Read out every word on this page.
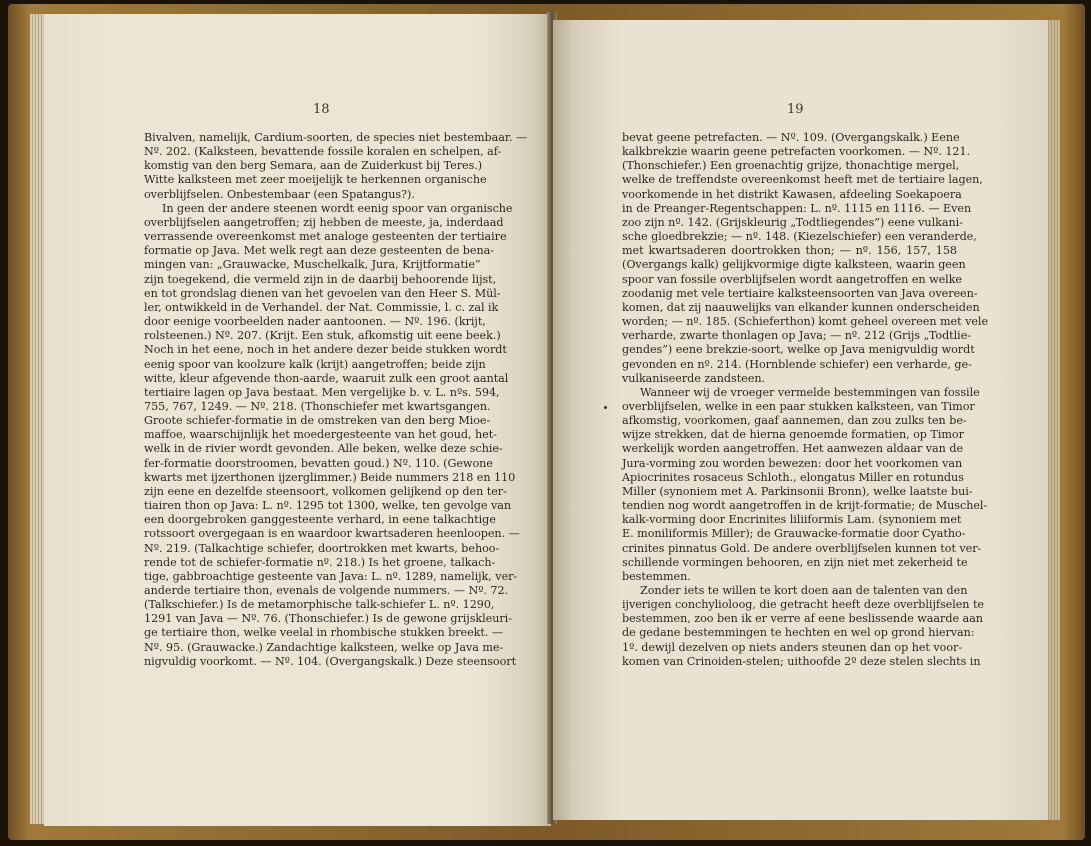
18
Bivalven, namelijk, Cardium-soorten, de species niet bestembaar. —
Nº. 202. (Kalksteen, bevattende fossile koralen en schelpen, af-
komstig van den berg Semara, aan de Zuiderkust bij Teres.)
Witte kalksteen met zeer moeijelijk te herkennen organische
overblijfselen. Onbestembaar (een Spatangus?).
In geen der andere steenen wordt eenig spoor van organische
overblijfselen aangetroffen; zij hebben de meeste, ja, inderdaad
verrassende overeenkomst met analoge gesteenten der tertiaire
formatie op Java. Met welk regt aan deze gesteenten de bena-
mingen van: „Grauwacke, Muschelkalk, Jura, Krijtformatie”
zijn toegekend, die vermeld zijn in de daarbij behoorende lijst,
en tot grondslag dienen van het gevoelen van den Heer S. Mül-
ler, ontwikkeld in de Verhandel. der Nat. Commissie, l. c. zal ik
door eenige voorbeelden nader aantoonen. — Nº. 196. (krijt,
rolsteenen.) Nº. 207. (Krijt. Een stuk, afkomstig uit eene beek.)
Noch in het eene, noch in het andere dezer beide stukken wordt
eenig spoor van koolzure kalk (krijt) aangetroffen; beide zijn
witte, kleur afgevende thon-aarde, waaruit zulk een groot aantal
tertiaire lagen op Java bestaat. Men vergelijke b. v. L. nºs. 594,
755, 767, 1249. — Nº. 218. (Thonschiefer met kwartsgangen.
Groote schiefer-formatie in de omstreken van den berg Mioe-
maffoe, waarschijnlijk het moedergesteente van het goud, het-
welk in de rivier wordt gevonden. Alle beken, welke deze schie-
fer-formatie doorstroomen, bevatten goud.) Nº. 110. (Gewone
kwarts met ijzerthonen ijzerglimmer.) Beide nummers 218 en 110
zijn eene en dezelfde steensoort, volkomen gelijkend op den ter-
tiairen thon op Java: L. nº. 1295 tot 1300, welke, ten gevolge van
een doorgebroken ganggesteente verhard, in eene talkachtige
rotssoort overgegaan is en waardoor kwartsaderen heenloopen. —
Nº. 219. (Talkachtige schiefer, doortrokken met kwarts, behoo-
rende tot de schiefer-formatie nº. 218.) Is het groene, talkach-
tige, gabbroachtige gesteente van Java: L. nº. 1289, namelijk, ver-
anderde tertiaire thon, evenals de volgende nummers. — Nº. 72.
(Talkschiefer.) Is de metamorphische talk-schiefer L. nº. 1290,
1291 van Java — Nº. 76. (Thonschiefer.) Is de gewone grijskleuri-
ge tertiaire thon, welke veelal in rhombische stukken breekt. —
Nº. 95. (Grauwacke.) Zandachtige kalksteen, welke op Java me-
nigvuldig voorkomt. — Nº. 104. (Overgangskalk.) Deze steensoort
19
bevat geene petrefacten. — Nº. 109. (Overgangskalk.) Eene
kalkbrekzie waarin geene petrefacten voorkomen. — Nº. 121.
(Thonschiefer.) Een groenachtig grijze, thonachtige mergel,
welke de treffendste overeenkomst heeft met de tertiaire lagen,
voorkomende in het distrikt Kawasen, afdeeling Soekapoera
in de Preanger-Regentschappen: L. nº. 1115 en 1116. — Even
zoo zijn nº. 142. (Grijskleurig „Todtliegendes”) eene vulkani-
sche gloedbrekzie; — nº. 148. (Kiezelschiefer) een veranderde,
met kwartsaderen doortrokken thon; — nº. 156, 157, 158
(Overgangs kalk) gelijkvormige digte kalksteen, waarin geen
spoor van fossile overblijfselen wordt aangetroffen en welke
zoodanig met vele tertiaire kalksteensoorten van Java overeen-
komen, dat zij naauwelijks van elkander kunnen onderscheiden
worden; — nº. 185. (Schieferthon) komt geheel overeen met vele
verharde, zwarte thonlagen op Java; — nº. 212 (Grijs „Todtlie-
gendes”) eene brekzie-soort, welke op Java menigvuldig wordt
gevonden en nº. 214. (Hornblende schiefer) een verharde, ge-
vulkaniseerde zandsteen.
Wanneer wij de vroeger vermelde bestemmingen van fossile
overblijfselen, welke in een paar stukken kalksteen, van Timor
afkomstig, voorkomen, gaaf aannemen, dan zou zulks ten be-
wijze strekken, dat de hierna genoemde formatien, op Timor
werkelijk worden aangetroffen. Het aanwezen aldaar van de
Jura-vorming zou worden bewezen: door het voorkomen van
Apiocrinites rosaceus Schloth., elongatus Miller en rotundus
Miller (synoniem met A. Parkinsonii Bronn), welke laatste bui-
tendien nog wordt aangetroffen in de krijt-formatie; de Muschel-
kalk-vorming door Encrinites liliiformis Lam. (synoniem met
E. moniliformis Miller); de Grauwacke-formatie door Cyatho-
crinites pinnatus Gold. De andere overblijfselen kunnen tot ver-
schillende vormingen behooren, en zijn niet met zekerheid te
bestemmen.
Zonder iets te willen te kort doen aan de talenten van den
ijverigen conchylioloog, die getracht heeft deze overblijfselen te
bestemmen, zoo ben ik er verre af eene beslissende waarde aan
de gedane bestemmingen te hechten en wel op grond hiervan:
1º. dewijl dezelven op niets anders steunen dan op het voor-
komen van Crinoiden-stelen; uithoofde 2º deze stelen slechts in
